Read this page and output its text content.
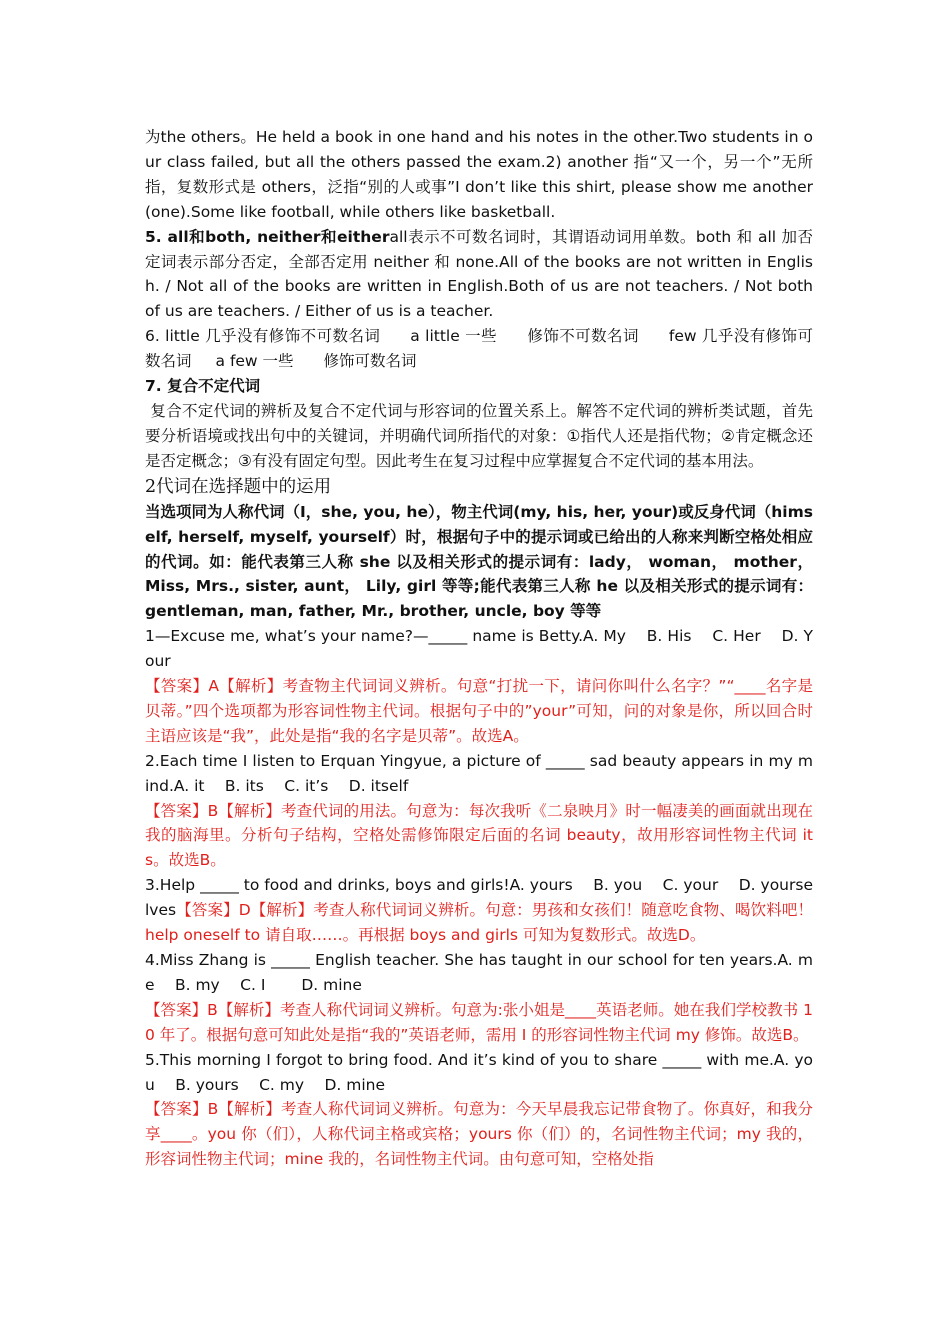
为the others。He held a book in one hand and his notes in the other.Two students in our class failed, but all the others passed the exam.2) another 指“又一个，另一个”无所指，复数形式是 others，泛指“别的人或事”I don’t like this shirt, please show me another (one).Some like football, while others like basketball.

5. all和both, neither和eitherall表示不可数名词时，其谓语动词用单数。both 和 all 加否定词表示部分否定，全部否定用 neither 和 none.All of the books are not written in English. / Not all of the books are written in English.Both of us are not teachers. / Not both of us are teachers. / Either of us is a teacher.

6. little 几乎没有修饰不可数名词 a little 一些 修饰不可数名词 few 几乎没有修饰可数名词 a few 一些 修饰可数名词

7. 复合不定代词

复合不定代词的辨析及复合不定代词与形容词的位置关系上。解答不定代词的辨析类试题，首先要分析语境或找出句中的关键词，并明确代词所指代的对象：①指代人还是指代物；②肯定概念还是否定概念；③有没有固定句型。因此考生在复习过程中应掌握复合不定代词的基本用法。

2代词在选择题中的运用

当选项同为人称代词（I，she, you, he），物主代词(my, his, her, your)或反身代词（himself, herself, myself, yourself）时，根据句子中的提示词或已给出的人称来判断空格处相应的代词。如：能代表第三人称 she 以及相关形式的提示词有：lady， woman， mother， Miss, Mrs., sister, aunt， Lily, girl 等等;能代表第三人称 he 以及相关形式的提示词有：gentleman, man, father, Mr., brother, uncle, boy 等等

1—Excuse me, what’s your name?—_____ name is Betty.A. My　 B. His　 C. Her　 D. Your

【答案】A【解析】考查物主代词词义辨析。句意“打扰一下，请问你叫什么名字？”“____名字是贝蒂。”四个选项都为形容词性物主代词。根据句子中的”your”可知，问的对象是你，所以回合时主语应该是“我”，此处是指“我的名字是贝蒂”。故选A。

2.Each time I listen to Erquan Yingyue, a picture of _____ sad beauty appears in my mind.A. it　 B. its　 C. it’s　 D. itself

【答案】B【解析】考查代词的用法。句意为：每次我听《二泉映月》时一幅凄美的画面就出现在我的脑海里。分析句子结构，空格处需修饰限定后面的名词 beauty，故用形容词性物主代词 its。故选B。

3.Help _____ to food and drinks, boys and girls!A. yours　 B. you　 C. your　 D. yourselves【答案】D【解析】考查人称代词词义辨析。句意：男孩和女孩们！随意吃食物、喝饮料吧！help oneself to 请自取……。再根据 boys and girls 可知为复数形式。故选D。

4.Miss Zhang is _____ English teacher. She has taught in our school for ten years.A. me　 B. my　 C. I　　 D. mine

【答案】B【解析】考查人称代词词义辨析。句意为:张小姐是____英语老师。她在我们学校教书 10 年了。根据句意可知此处是指“我的”英语老师，需用 I 的形容词性物主代词 my 修饰。故选B。

5.This morning I forgot to bring food. And it’s kind of you to share _____ with me.A. you　 B. yours　 C. my　 D. mine

【答案】B【解析】考查人称代词词义辨析。句意为：今天早晨我忘记带食物了。你真好，和我分享____。you 你（们），人称代词主格或宾格；yours 你（们）的，名词性物主代词；my 我的，形容词性物主代词；mine 我的，名词性物主代词。由句意可知，空格处指
